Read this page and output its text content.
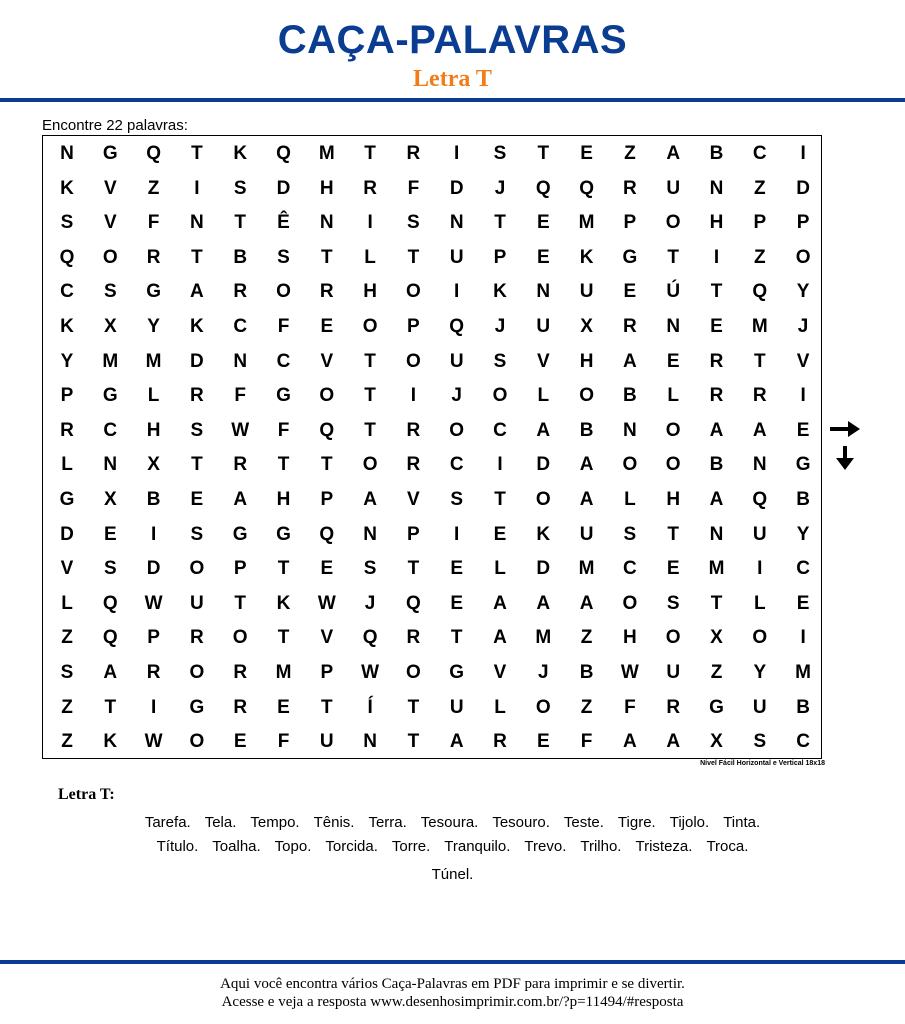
CAÇA-PALAVRAS
Letra T
Encontre 22 palavras:
N	G	Q	T	K	Q	M	T	R	I	S	T	E	Z	A	B	C	I
K	V	Z	I	S	D	H	R	F	D	J	Q	Q	R	U	N	Z	D
S	V	F	N	T	Ê	N	I	S	N	T	E	M	P	O	H	P	P
Q	O	R	T	B	S	T	L	T	U	P	E	K	G	T	I	Z	O
C	S	G	A	R	O	R	H	O	I	K	N	U	E	Ú	T	Q	Y
K	X	Y	K	C	F	E	O	P	Q	J	U	X	R	N	E	M	J
Y	M	M	D	N	C	V	T	O	U	S	V	H	A	E	R	T	V
P	G	L	R	F	G	O	T	I	J	O	L	O	B	L	R	R	I
R	C	H	S	W	F	Q	T	R	O	C	A	B	N	O	A	A	E
L	N	X	T	R	T	T	O	R	C	I	D	A	O	O	B	N	G
G	X	B	E	A	H	P	A	V	S	T	O	A	L	H	A	Q	B
D	E	I	S	G	G	Q	N	P	I	E	K	U	S	T	N	U	Y
V	S	D	O	P	T	E	S	T	E	L	D	M	C	E	M	I	C
L	Q	W	U	T	K	W	J	Q	E	A	A	A	O	S	T	L	E
Z	Q	P	R	O	T	V	Q	R	T	A	M	Z	H	O	X	O	I
S	A	R	O	R	M	P	W	O	G	V	J	B	W	U	Z	Y	M
Z	T	I	G	R	E	T	Í	T	U	L	O	Z	F	R	G	U	B
Z	K	W	O	E	F	U	N	T	A	R	E	F	A	A	X	S	C
Nível Fácil Horizontal e Vertical 18x18
Letra T:
Tarefa. Tela. Tempo. Tênis. Terra. Tesoura. Tesouro. Teste. Tigre. Tijolo. Tinta.
Título. Toalha. Topo. Torcida. Torre. Tranquilo. Trevo. Trilho. Tristeza. Troca.
Túnel.
Aqui você encontra vários Caça-Palavras em PDF para imprimir e se divertir.
Acesse e veja a resposta www.desenhosimprimir.com.br/?p=11494/#resposta
